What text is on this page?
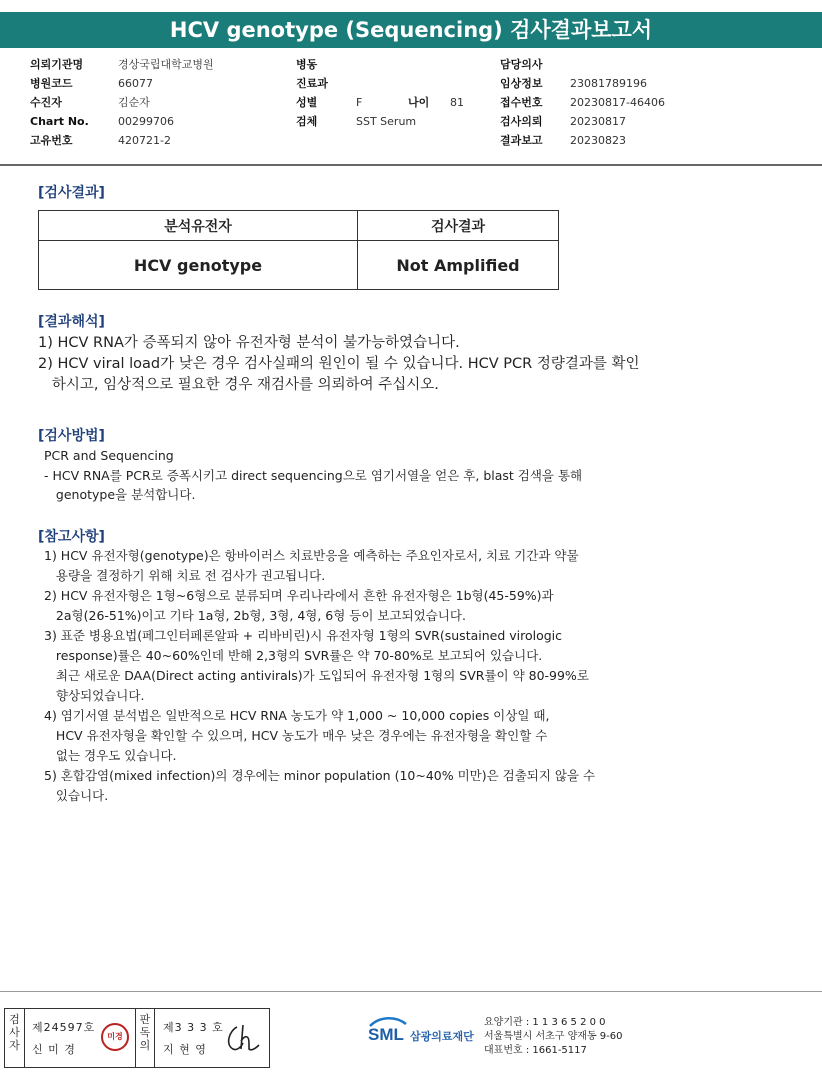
HCV genotype (Sequencing) 검사결과보고서
의뢰기관명	경상국립대학교병원
병원코드	66077
수진자	김순자
Chart No.	00299706
고유번호	420721-2
병동
진료과
성별	F	나이 81
검체	SST Serum
담당의사
임상정보 23081789196
접수번호 20230817-46406
검사의뢰 20230817
결과보고 20230823
[검사결과]
분석유전자	검사결과
HCV genotype	Not Amplified
[결과해석]
1) HCV RNA가 증폭되지 않아 유전자형 분석이 불가능하였습니다.
2) HCV viral load가 낮은 경우 검사실패의 원인이 될 수 있습니다. HCV PCR 정량결과를 확인
하시고, 임상적으로 필요한 경우 재검사를 의뢰하여 주십시오.
[검사방법]
PCR and Sequencing
- HCV RNA를 PCR로 증폭시키고 direct sequencing으로 염기서열을 얻은 후, blast 검색을 통해
genotype을 분석합니다.
[참고사항]
1) HCV 유전자형(genotype)은 항바이러스 치료반응을 예측하는 주요인자로서, 치료 기간과 약물
용량을 결정하기 위해 치료 전 검사가 권고됩니다.
2) HCV 유전자형은 1형~6형으로 분류되며 우리나라에서 흔한 유전자형은 1b형(45-59%)과
2a형(26-51%)이고 기타 1a형, 2b형, 3형, 4형, 6형 등이 보고되었습니다.
3) 표준 병용요법(페그인터페론알파 + 리바비린)시 유전자형 1형의 SVR(sustained virologic
response)률은 40~60%인데 반해 2,3형의 SVR률은 약 70-80%로 보고되어 있습니다.
최근 새로운 DAA(Direct acting antivirals)가 도입되어 유전자형 1형의 SVR률이 약 80-99%로
향상되었습니다.
4) 염기서열 분석법은 일반적으로 HCV RNA 농도가 약 1,000 ~ 10,000 copies 이상일 때,
HCV 유전자형을 확인할 수 있으며, HCV 농도가 매우 낮은 경우에는 유전자형을 확인할 수
없는 경우도 있습니다.
5) 혼합감염(mixed infection)의 경우에는 minor population (10~40% 미만)은 검출되지 않을 수
있습니다.
검사자
제24597호
신 미 경
미경
판독의
제3 3 3 호
지 현 영
SML 삼광의료재단
요양기관 : 1 1 3 6 5 2 0 0
서울특별시 서초구 양재동 9-60
대표번호 : 1661-5117
